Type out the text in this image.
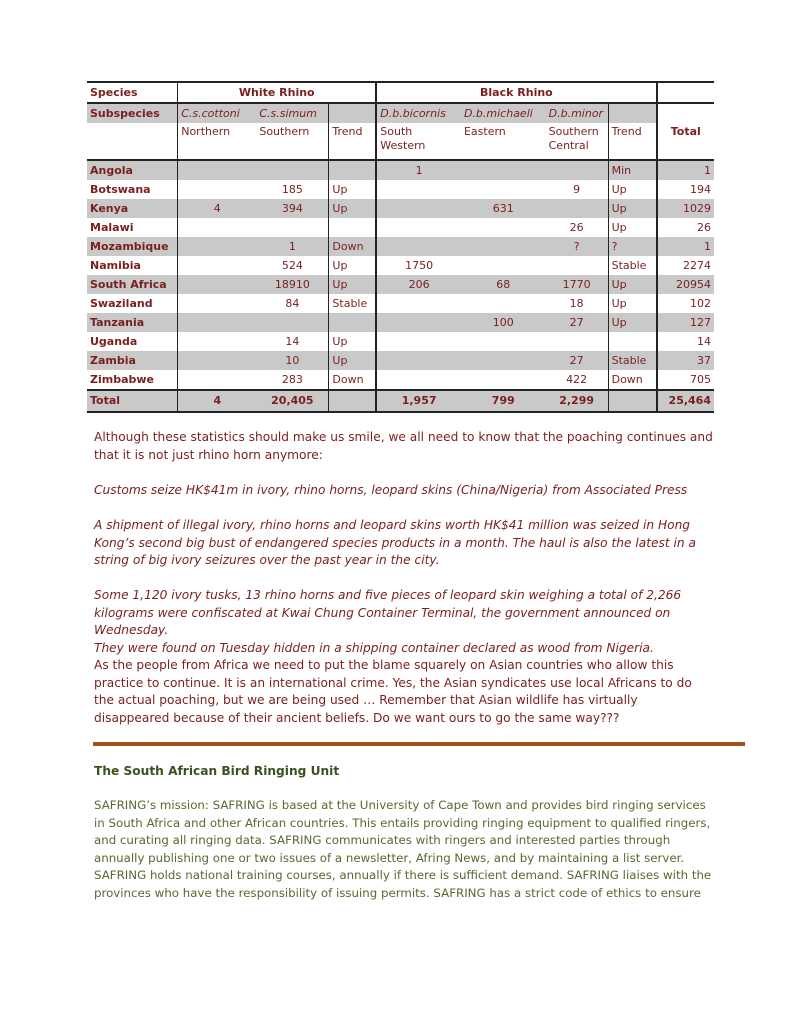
Species	White Rhino			Black Rhino				
Subspecies	C.s.cottoni	C.s.simum		D.b.bicornis	D.b.michaeli	D.b.minor		Total
	Northern	Southern	Trend	South Western	Eastern	Southern Central	Trend	
Angola				1			Min	1
Botswana		185	Up			9	Up	194
Kenya	4	394	Up		631		Up	1029
Malawi						26	Up	26
Mozambique		1	Down			?	?	1
Namibia		524	Up	1750			Stable	2274
South Africa		18910	Up	206	68	1770	Up	20954
Swaziland		84	Stable			18	Up	102
Tanzania					100	27	Up	127
Uganda		14	Up					14
Zambia		10	Up			27	Stable	37
Zimbabwe		283	Down			422	Down	705
Total	4	20,405		1,957	799	2,299		25,464

Although these statistics should make us smile, we all need to know that the poaching continues and that it is not just rhino horn anymore:

Customs seize HK$41m in ivory, rhino horns, leopard skins (China/Nigeria) from Associated Press

A shipment of illegal ivory, rhino horns and leopard skins worth HK$41 million was seized in Hong Kong’s second big bust of endangered species products in a month. The haul is also the latest in a string of big ivory seizures over the past year in the city.

Some 1,120 ivory tusks, 13 rhino horns and five pieces of leopard skin weighing a total of 2,266 kilograms were confiscated at Kwai Chung Container Terminal, the government announced on Wednesday.
They were found on Tuesday hidden in a shipping container declared as wood from Nigeria.

As the people from Africa we need to put the blame squarely on Asian countries who allow this practice to continue. It is an international crime. Yes, the Asian syndicates use local Africans to do the actual poaching, but we are being used … Remember that Asian wildlife has virtually disappeared because of their ancient beliefs. Do we want ours to go the same way???

The South African Bird Ringing Unit

SAFRING’s mission: SAFRING is based at the University of Cape Town and provides bird ringing services in South Africa and other African countries. This entails providing ringing equipment to qualified ringers, and curating all ringing data. SAFRING communicates with ringers and interested parties through annually publishing one or two issues of a newsletter, Afring News, and by maintaining a list server. SAFRING holds national training courses, annually if there is sufficient demand. SAFRING liaises with the provinces who have the responsibility of issuing permits. SAFRING has a strict code of ethics to ensure
